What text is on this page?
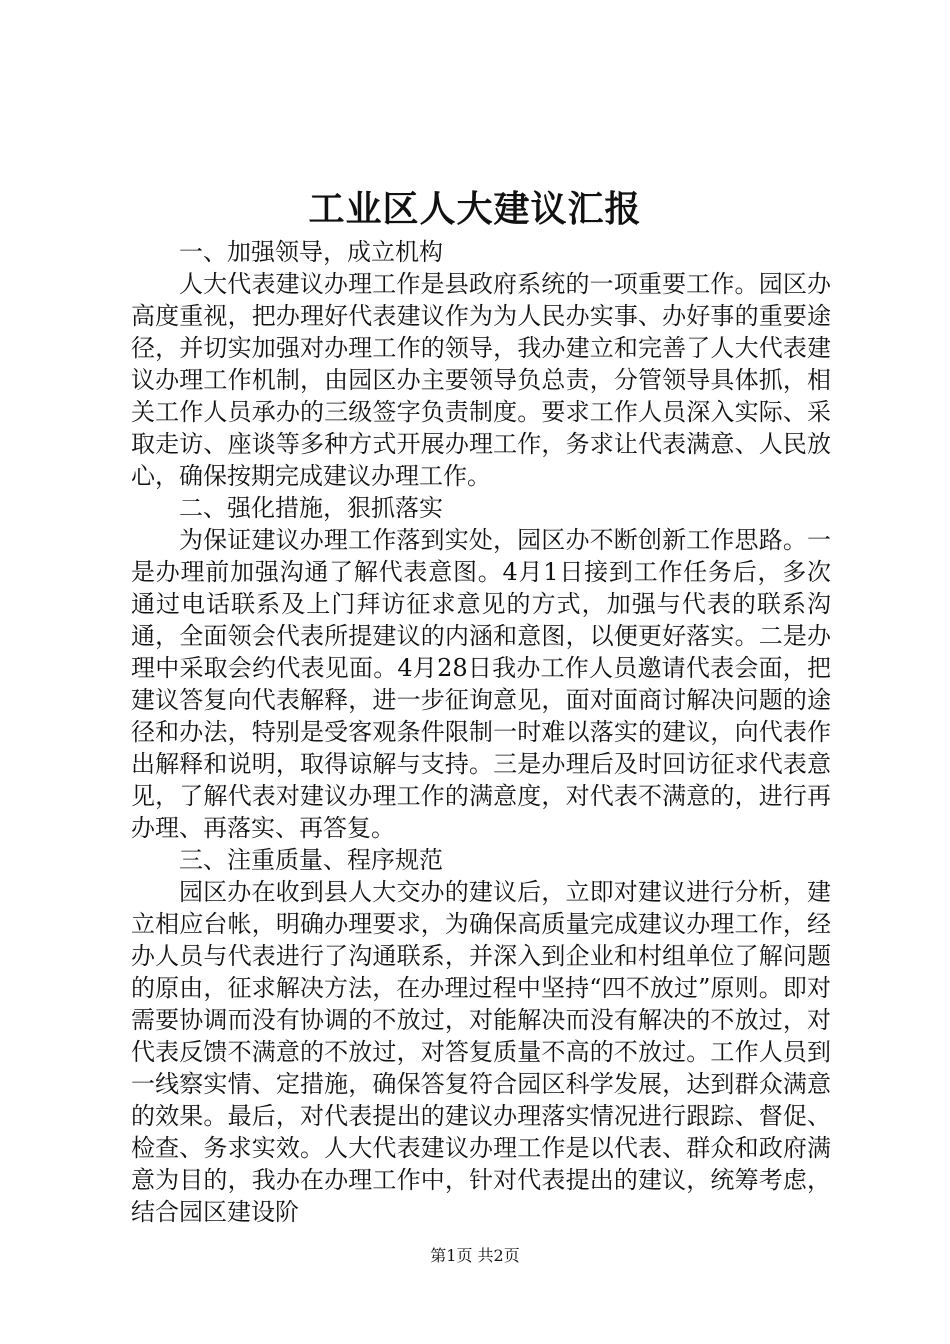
工业区人大建议汇报

一、加强领导，成立机构

人大代表建议办理工作是县政府系统的一项重要工作。园区办高度重视，把办理好代表建议作为为人民办实事、办好事的重要途径，并切实加强对办理工作的领导，我办建立和完善了人大代表建议办理工作机制，由园区办主要领导负总责，分管领导具体抓，相关工作人员承办的三级签字负责制度。要求工作人员深入实际、采取走访、座谈等多种方式开展办理工作，务求让代表满意、人民放心，确保按期完成建议办理工作。

二、强化措施，狠抓落实

为保证建议办理工作落到实处，园区办不断创新工作思路。一是办理前加强沟通了解代表意图。4月1日接到工作任务后，多次通过电话联系及上门拜访征求意见的方式，加强与代表的联系沟通，全面领会代表所提建议的内涵和意图，以便更好落实。二是办理中采取会约代表见面。4月28日我办工作人员邀请代表会面，把建议答复向代表解释，进一步征询意见，面对面商讨解决问题的途径和办法，特别是受客观条件限制一时难以落实的建议，向代表作出解释和说明，取得谅解与支持。三是办理后及时回访征求代表意见，了解代表对建议办理工作的满意度，对代表不满意的，进行再办理、再落实、再答复。

三、注重质量、程序规范

园区办在收到县人大交办的建议后，立即对建议进行分析，建立相应台帐，明确办理要求，为确保高质量完成建议办理工作，经办人员与代表进行了沟通联系，并深入到企业和村组单位了解问题的原由，征求解决方法，在办理过程中坚持“四不放过”原则。即对需要协调而没有协调的不放过，对能解决而没有解决的不放过，对代表反馈不满意的不放过，对答复质量不高的不放过。工作人员到一线察实情、定措施，确保答复符合园区科学发展，达到群众满意的效果。最后，对代表提出的建议办理落实情况进行跟踪、督促、检查、务求实效。人大代表建议办理工作是以代表、群众和政府满意为目的，我办在办理工作中，针对代表提出的建议，统筹考虑，结合园区建设阶

第1页 共2页
